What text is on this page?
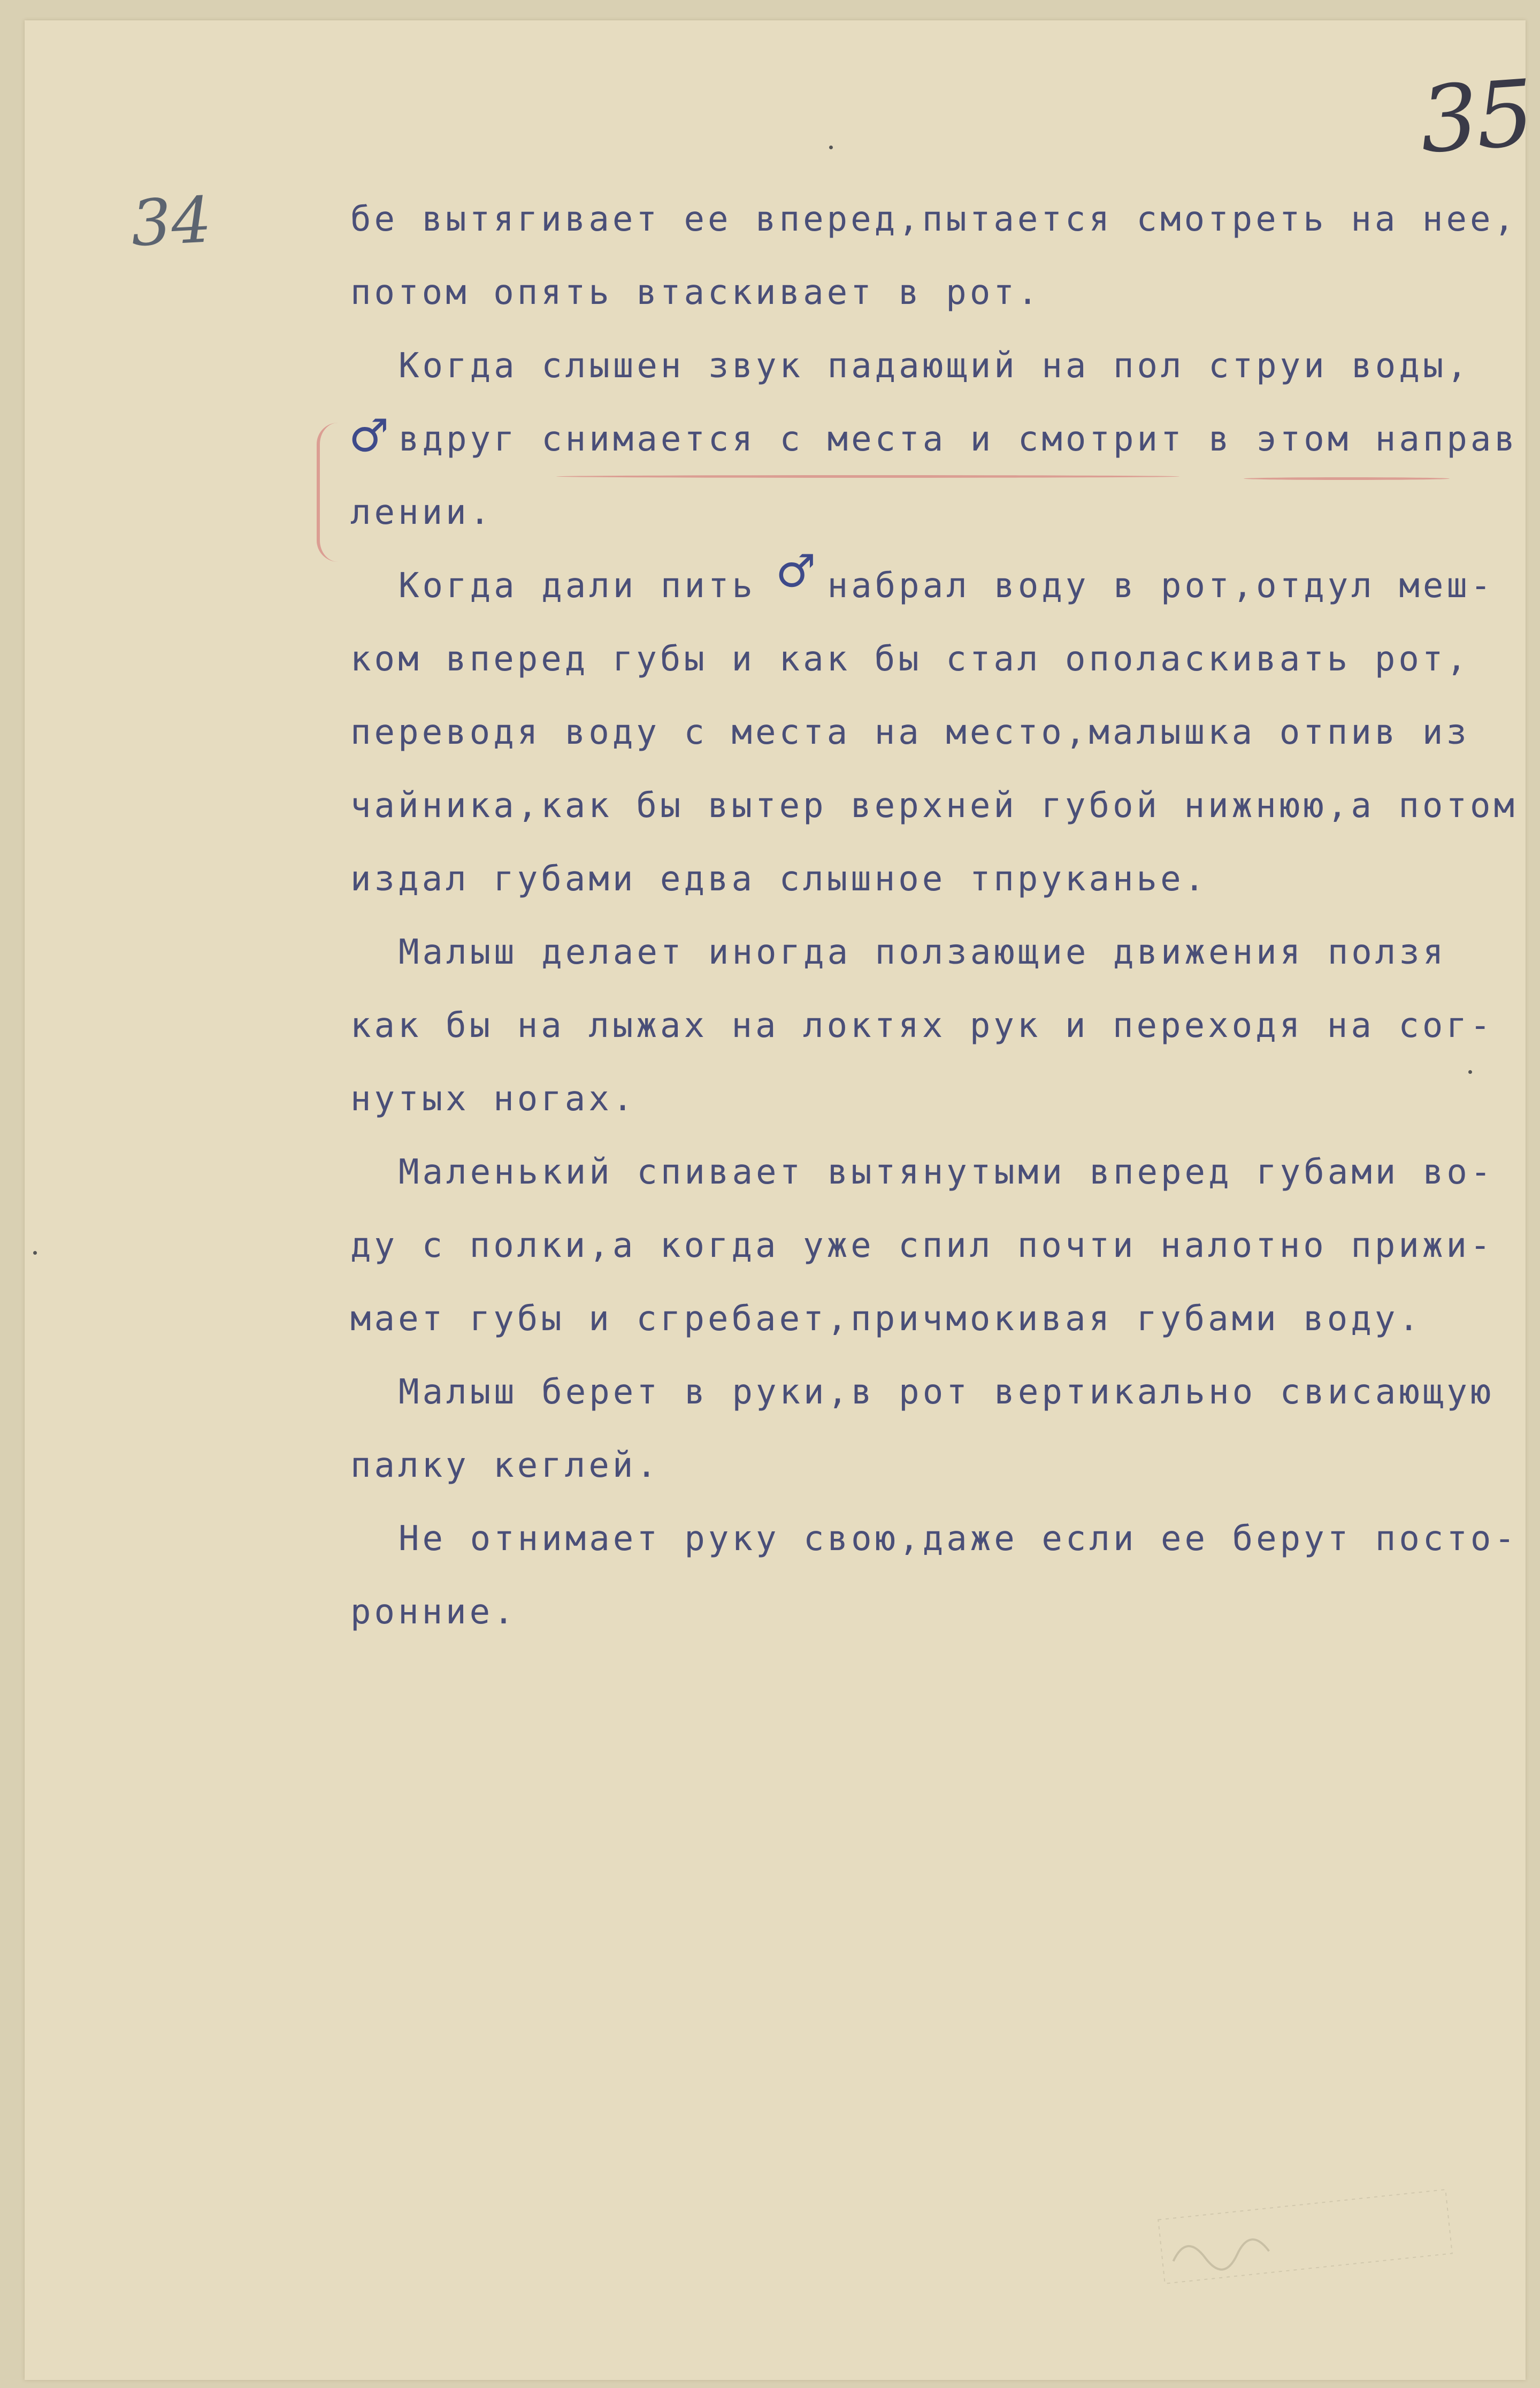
35
34
♂
♂
бе вытягивает ее вперед,пытается смотреть на нее,
потом опять втаскивает в рот.
Когда слышен звук падающий на пол струи воды,
вдруг снимается с места и смотрит в этом направ
лении.
Когда дали пить набрал воду в рот,отдул меш-
ком вперед губы и как бы стал ополаскивать рот,
переводя воду с места на место,малышка отпив из
чайника,как бы вытер верхней губой нижнюю,а потом
издал губами едва слышное тпруканье.
Малыш делает иногда ползающие движения ползя
как бы на лыжах на локтях рук и переходя на сог-
нутых ногах.
Маленький спивает вытянутыми вперед губами во-
ду с полки,а когда уже спил почти налотно прижи-
мает губы и сгребает,причмокивая губами воду.
Малыш берет в руки,в рот вертикально свисающую
палку кеглей.
Не отнимает руку свою,даже если ее берут посто-
ронние.
